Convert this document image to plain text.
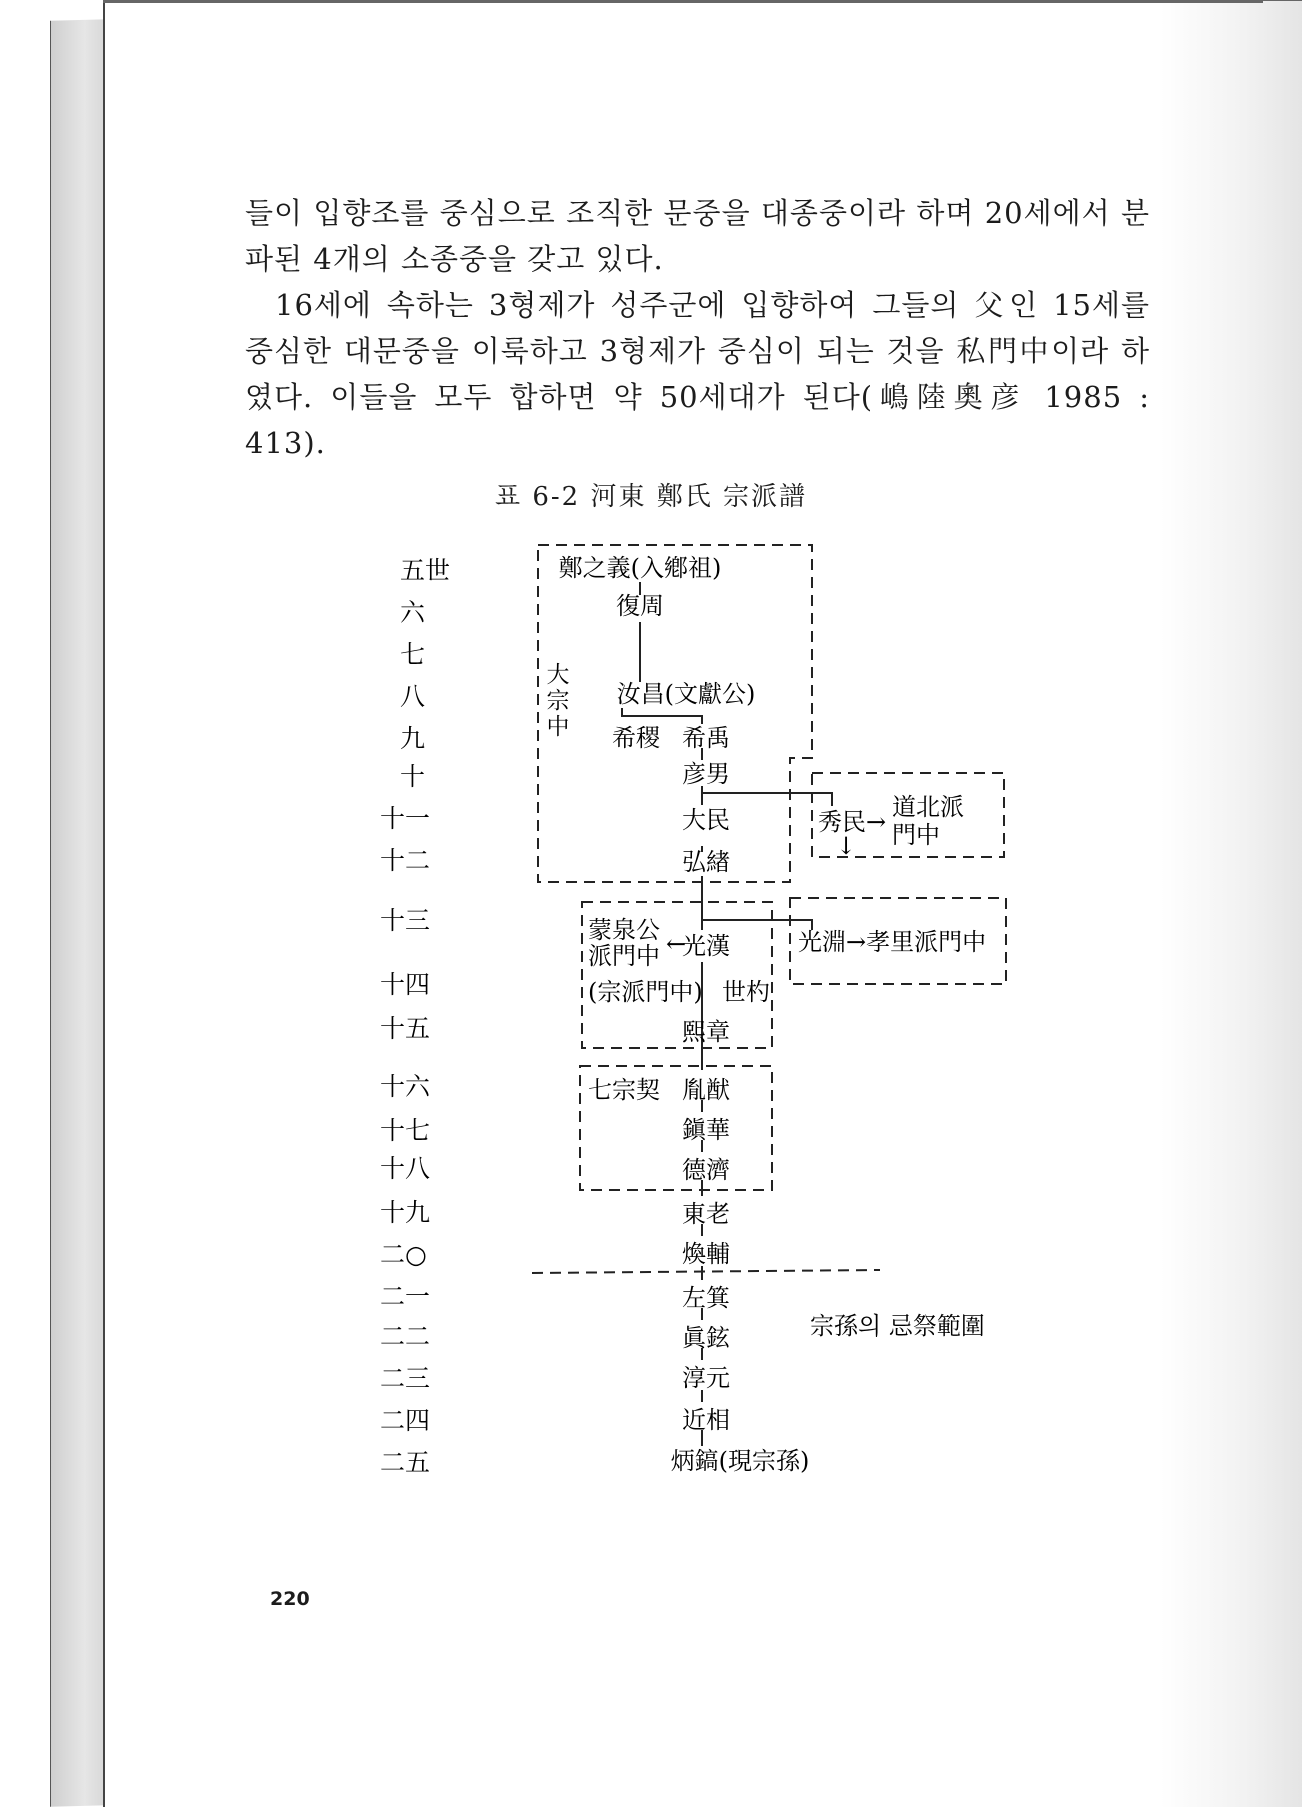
들이 입향조를 중심으로 조직한 문중을 대종중이라 하며 20세에서 분파된 4개의 소종중을 갖고 있다.

16세에 속하는 3형제가 성주군에 입향하여 그들의 父인 15세를 중심한 대문중을 이룩하고 3형제가 중심이 되는 것을 私門中이라 하였다. 이들을 모두 합하면 약 50세대가 된다(嶋陸奧彦 1985 : 413).

표 6-2 河東 鄭氏 宗派譜
五世
六
七
八
九
十
十一
十二
十三
十四
十五
十六
十七
十八
十九
二○
二一
二二
二三
二四
二五
鄭之義(入鄕祖)
復周
汝昌(文獻公)
希稷 希禹
彦男
大民
弘緖
光漢
世杓
熙章
胤猷
鎭華
德濟
東老
煥輔
左箕
眞鉉
淳元
近相
炳鎬(現宗孫)
秀民→
↓
光淵→孝里派門中
←
大
宗
中
道北派
門中
蒙泉公
派門中
(宗派門中)
七宗契
宗孫의 忌祭範圍
220
